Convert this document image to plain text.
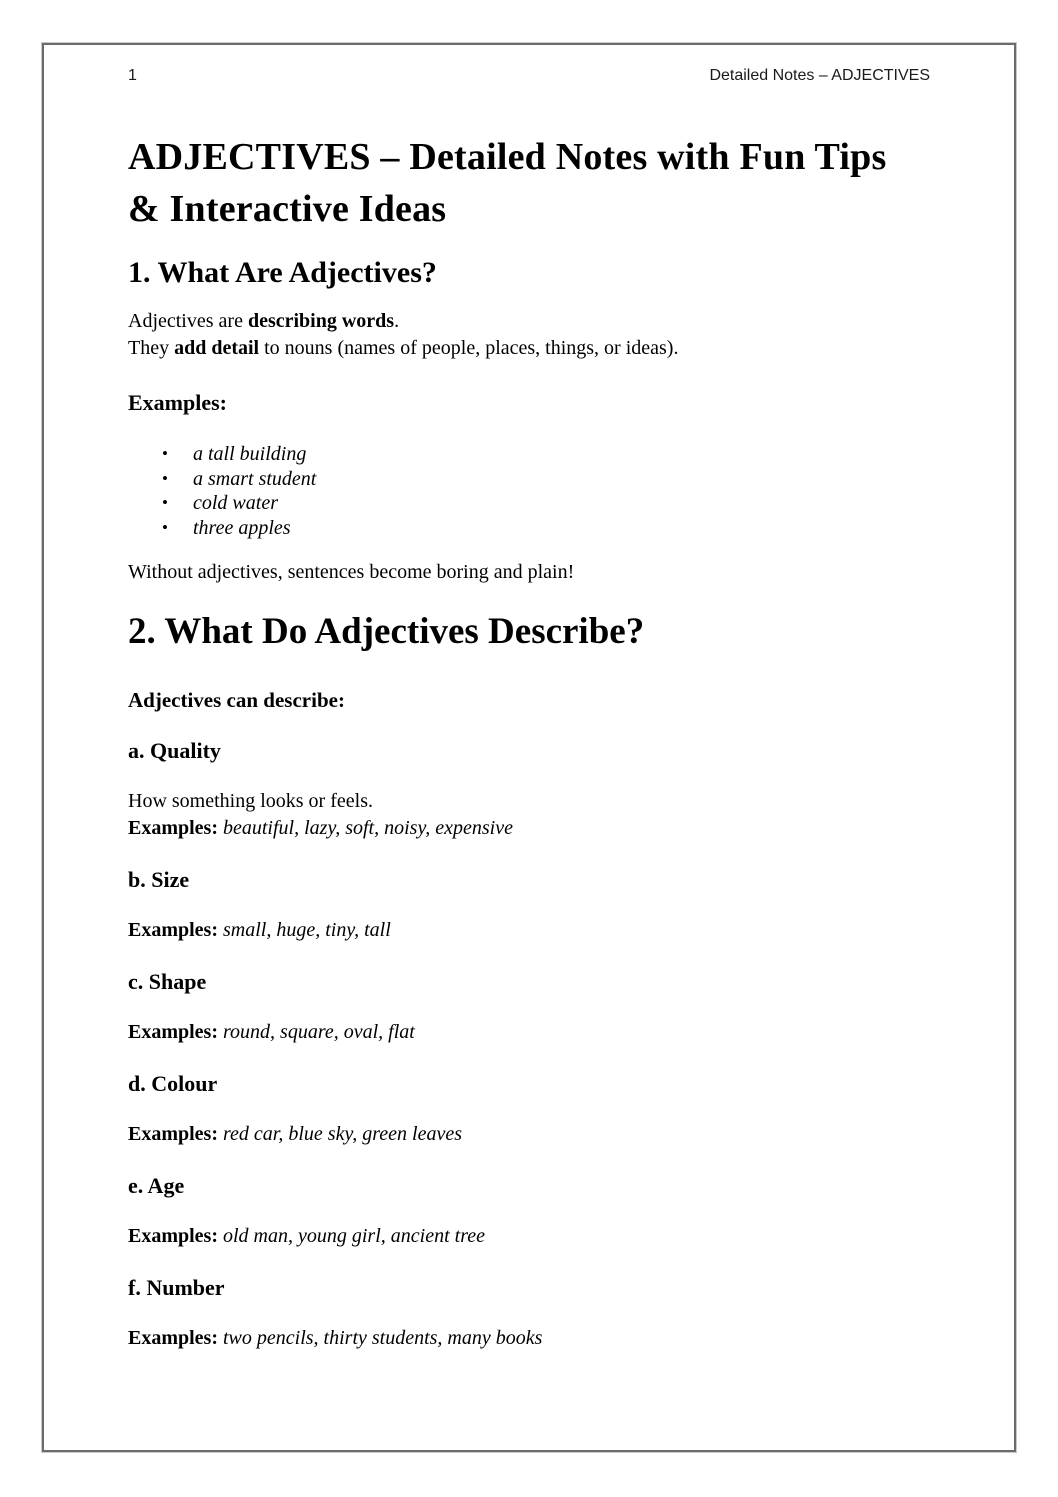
1	Detailed Notes – ADJECTIVES
ADJECTIVES – Detailed Notes with Fun Tips & Interactive Ideas
1. What Are Adjectives?
Adjectives are describing words.
They add detail to nouns (names of people, places, things, or ideas).
Examples:
•	a tall building
•	a smart student
•	cold water
•	three apples
Without adjectives, sentences become boring and plain!
2. What Do Adjectives Describe?
Adjectives can describe:
a. Quality
How something looks or feels.
Examples: beautiful, lazy, soft, noisy, expensive
b. Size
Examples: small, huge, tiny, tall
c. Shape
Examples: round, square, oval, flat
d. Colour
Examples: red car, blue sky, green leaves
e. Age
Examples: old man, young girl, ancient tree
f. Number
Examples: two pencils, thirty students, many books
